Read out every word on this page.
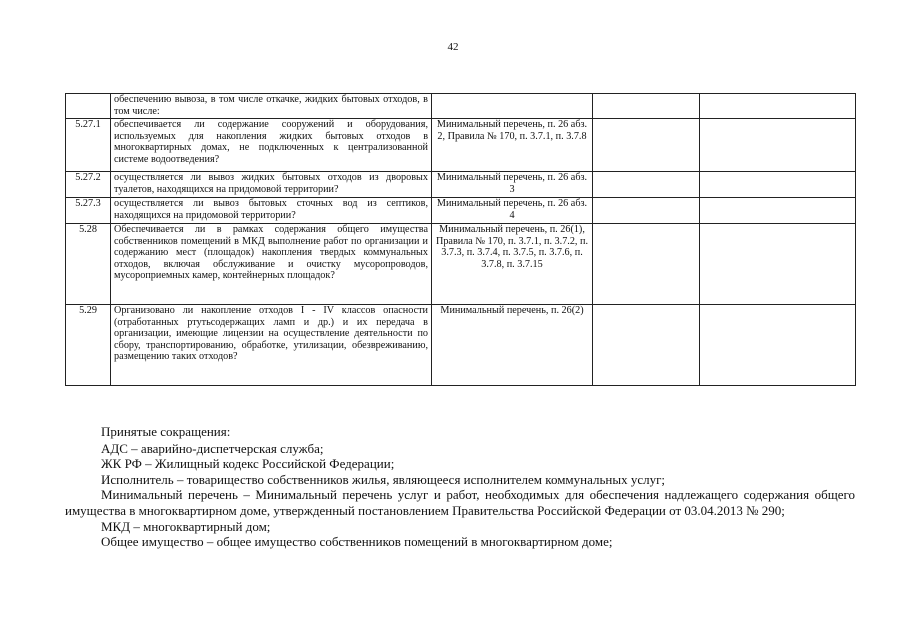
42
	обеспечению вывоза, в том числе откачке, жидких бытовых отходов, в том числе:			
5.27.1	обеспечивается ли содержание сооружений и оборудования, используемых для накопления жидких бытовых отходов в многоквартирных домах, не подключенных к централизованной системе водоотведения?	Минимальный перечень, п. 26 абз. 2, Правила № 170, п. 3.7.1, п. 3.7.8		
5.27.2	осуществляется ли вывоз жидких бытовых отходов из дворовых туалетов, находящихся на придомовой территории?	Минимальный перечень, п. 26 абз. 3		
5.27.3	осуществляется ли вывоз бытовых сточных вод из септиков, находящихся на придомовой территории?	Минимальный перечень, п. 26 абз. 4		
5.28	Обеспечивается ли в рамках содержания общего имущества собственников помещений в МКД выполнение работ по организации и содержанию мест (площадок) накопления твердых коммунальных отходов, включая обслуживание и очистку мусоропроводов, мусороприемных камер, контейнерных площадок?	Минимальный перечень, п. 26(1), Правила № 170, п. 3.7.1, п. 3.7.2, п. 3.7.3, п. 3.7.4, п. 3.7.5, п. 3.7.6, п. 3.7.8, п. 3.7.15		
5.29	Организовано ли накопление отходов I - IV классов опасности (отработанных ртутьсодержащих ламп и др.) и их передача в организации, имеющие лицензии на осуществление деятельности по сбору, транспортированию, обработке, утилизации, обезвреживанию, размещению таких отходов?	Минимальный перечень, п. 26(2)		

Принятые сокращения:

АДС – аварийно-диспетчерская служба;

ЖК РФ – Жилищный кодекс Российской Федерации;

Исполнитель – товарищество собственников жилья, являющееся исполнителем коммунальных услуг;

Минимальный перечень – Минимальный перечень услуг и работ, необходимых для обеспечения надлежащего содержания общего имущества в многоквартирном доме, утвержденный постановлением Правительства Российской Федерации от 03.04.2013 № 290;

МКД – многоквартирный дом;

Общее имущество – общее имущество собственников помещений в многоквартирном доме;
